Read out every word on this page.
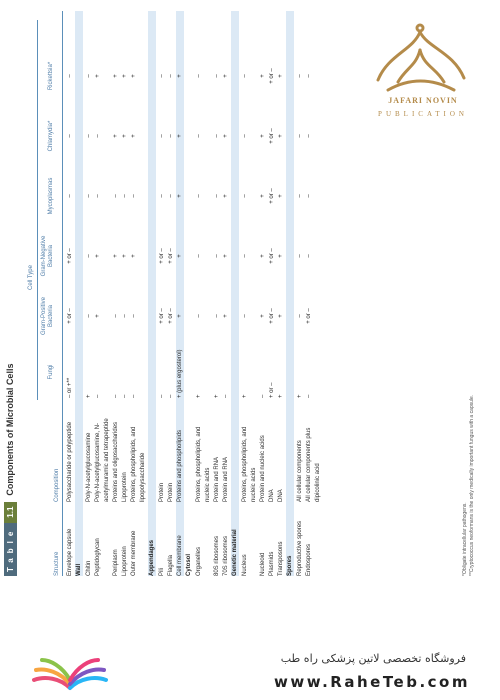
Table
1.1
Components of Microbial Cells
Cell Type
Structure
Composition
Fungi
Gram-Positive Bacteria
Gram-Negative Bacteria
Mycoplasmas
Chlamydia*
Rickettsia*
Envelope capsule
Polysaccharide or polypeptide
– or +**
+ or –
+ or –
–
–
–
Wall Chitin
Poly-N-acetylglucosamine
+
–
–
–
–
–
Peptidoglycan
Poly-N-acetylglucosamine, N-
–
+
+
–
–
+
acetylmuramic and tetrapeptide
Periplasm
Proteins and oligosaccharides
–
–
+
–
+
+
Lipoprotein
Lipoprotein
–
–
+
–
+
+
Outer membrane
Proteins, phospholipids, and
–
–
+
–
+
+
lipopolysaccharide
Appendages Pili
Protein
–
+ or –
+ or –
–
–
–
Flagella
Protein
–
+ or –
+ or –
–
–
–
Cell membrane
Proteins and phospholipids
+ (plus ergosterol)
+
+
+
+
+
Cytosol Organelles
Proteins, phospholipids, and
+
–
–
–
–
–
nucleic acids
80S ribosomes
Protein and RNA
+
–
–
–
–
–
70S ribosomes
Protein and RNA
–
+
+
+
+
+
Genetic material Nucleus
Proteins, phospholipids, and
+
–
–
–
–
–
nucleic acids
Nucleoid
Protein and nucleic acids
–
+
+
+
+
+
Plasmids
DNA
+ or –
+ or –
+ or –
+ or –
+ or –
+ or –
Transposons
DNA
+
+
+
+
+
+
Spores Reproductive spores
All cellular components
+
–
–
–
–
–
Endospores
All cellular components plus
–
+ or –
–
–
–
–
dipicolinic acid
*Obligate intracellular pathogens. **Cryptococcus neoformans is the only medically important fungus with a capsule.
JAFARI NOVIN
PUBLICATION
فروشگاه تخصصی لاتین پزشکی راه طب
www.RaheTeb.com
